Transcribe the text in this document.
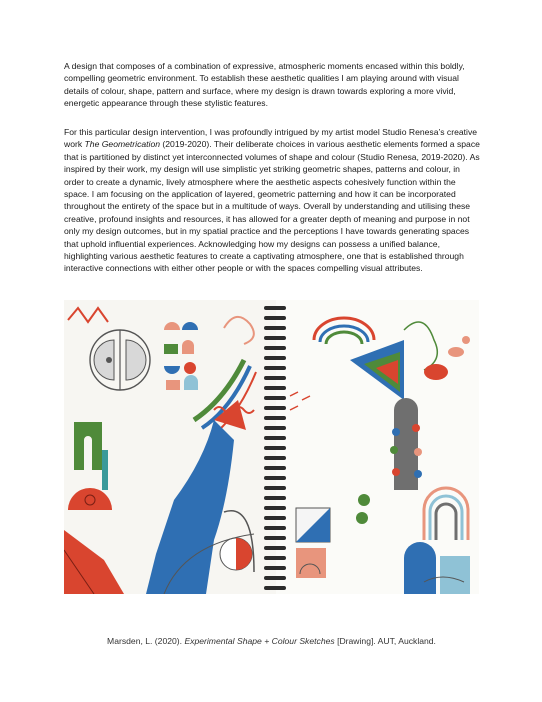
A design that composes of a combination of expressive, atmospheric moments encased within this boldly, compelling geometric environment. To establish these aesthetic qualities I am playing around with visual details of colour, shape, pattern and surface, where my design is drawn towards exploring a more vivid, energetic appearance through these stylistic features.

For this particular design intervention, I was profoundly intrigued by my artist model Studio Renesa’s creative work The Geometrication (2019-2020). Their deliberate choices in various aesthetic elements formed a space that is partitioned by distinct yet interconnected volumes of shape and colour (Studio Renesa, 2019-2020). As inspired by their work, my design will use simplistic yet striking geometric shapes, patterns and colour, in order to create a dynamic, lively atmosphere where the aesthetic aspects cohesively function within the space. I am focusing on the application of layered, geometric patterning and how it can be incorporated throughout the entirety of the space but in a multitude of ways. Overall by understanding and utilising these creative, profound insights and resources, it has allowed for a greater depth of meaning and purpose in not only my design outcomes, but in my spatial practice and the perceptions I have towards generating spaces that uphold influential experiences. Acknowledging how my designs can possess a unified balance, highlighting various aesthetic features to create a captivating atmosphere, one that is established through interactive connections with either other people or with the spaces compelling visual attributes.

Marsden, L. (2020). Experimental Shape + Colour Sketches [Drawing]. AUT, Auckland.
